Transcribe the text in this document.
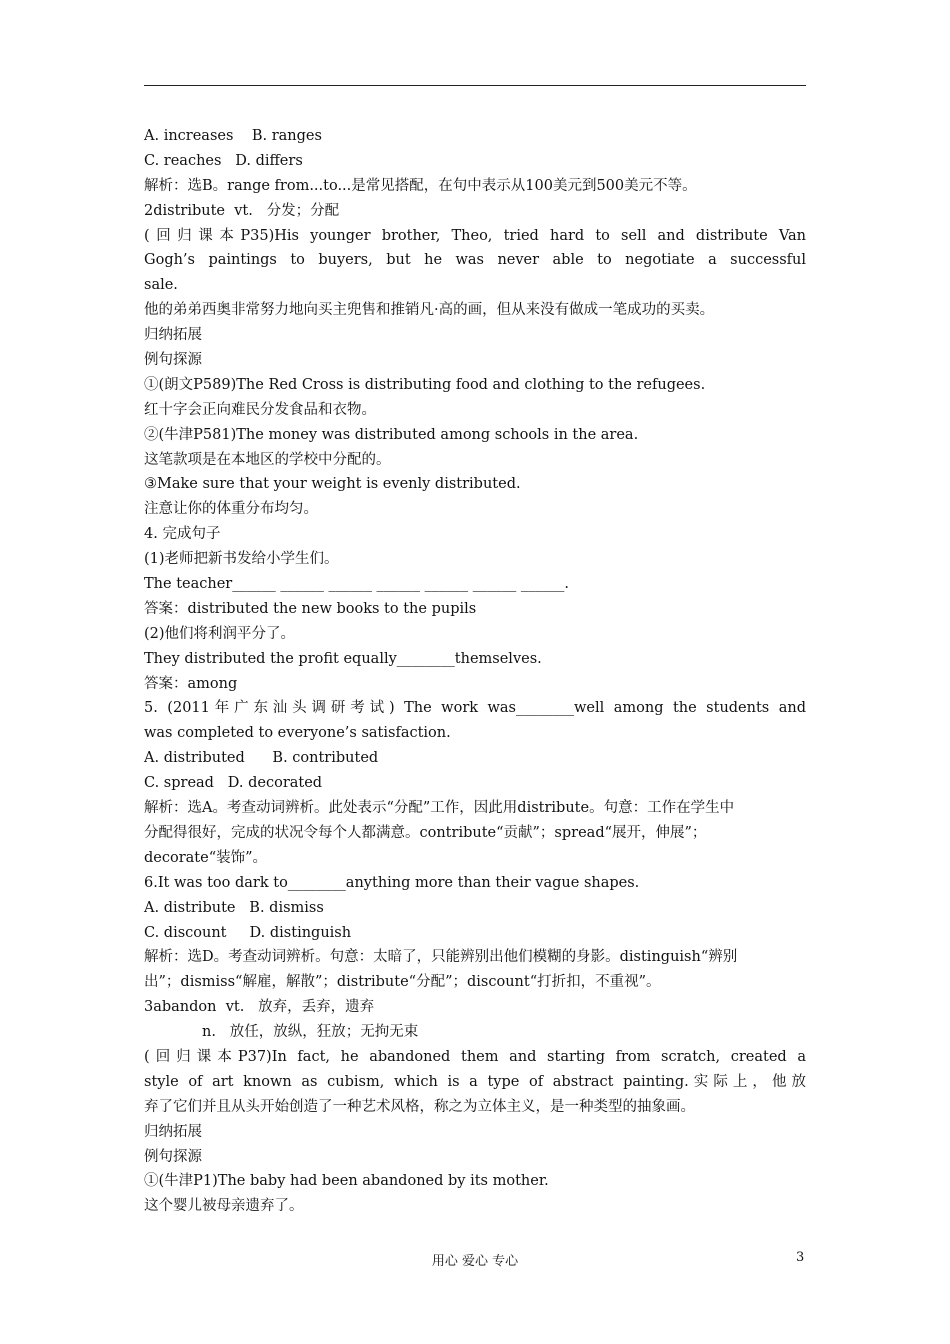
A. increases    B. ranges
C. reaches   D. differs
解析：选B。range from...to...是常见搭配，在句中表示从100美元到500美元不等。
2distribute  vt.   分发；分配
(回归课本P35)His younger brother, Theo, tried hard to sell and distribute Van
Gogh’s paintings to buyers, but he was never able to negotiate a successful
sale.
他的弟弟西奥非常努力地向买主兜售和推销凡·高的画，但从来没有做成一笔成功的买卖。
归纳拓展
例句探源
①(朗文P589)The Red Cross is distributing food and clothing to the refugees.
红十字会正向难民分发食品和衣物。
②(牛津P581)The money was distributed among schools in the area.
这笔款项是在本地区的学校中分配的。
③Make sure that your weight is evenly distributed.
注意让你的体重分布均匀。
4. 完成句子
(1)老师把新书发给小学生们。
The teacher______ ______ ______ ______ ______ ______ ______.
答案：distributed the new books to the pupils
(2)他们将利润平分了。
They distributed the profit equally________themselves.
答案：among
5. (2011年广东汕头调研考试) The work was________well among the students and
was completed to everyone’s satisfaction.
A. distributed      B. contributed
C. spread   D. decorated
解析：选A。考查动词辨析。此处表示“分配”工作，因此用distribute。句意：工作在学生中
分配得很好，完成的状况令每个人都满意。contribute“贡献”；spread“展开，伸展”；
decorate“装饰”。
6.It was too dark to________anything more than their vague shapes.
A. distribute   B. dismiss
C. discount     D. distinguish
解析：选D。考查动词辨析。句意：太暗了，只能辨别出他们模糊的身影。distinguish“辨别
出”；dismiss“解雇，解散”；distribute“分配”；discount“打折扣，不重视”。
3abandon  vt.   放弃，丢弃，遗弃
n.   放任，放纵，狂放；无拘无束
(回归课本P37)In fact, he abandoned them and starting from scratch, created a
style of art known as cubism, which is a type of abstract painting.实际上，他放
弃了它们并且从头开始创造了一种艺术风格，称之为立体主义，是一种类型的抽象画。
归纳拓展
例句探源
①(牛津P1)The baby had been abandoned by its mother.
这个婴儿被母亲遗弃了。
用心 爱心 专心	3
